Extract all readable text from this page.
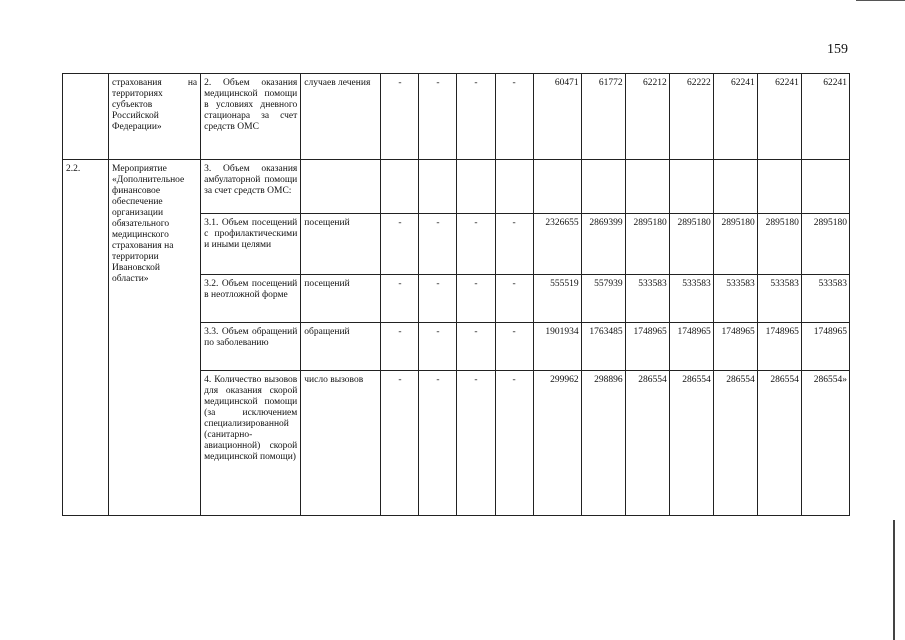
159
	страхования на территориях субъектов Российской Федерации»	2. Объем оказания медицинской помощи в условиях дневного стационара за счет средств ОМС	случаев лечения	-	-	-	-	60471	61772	62212	62222	62241	62241	62241
2.2.	Мероприятие «Дополнительное финансовое обеспечение организации обязательного медицинского страхования на территории Ивановской области»	3. Объем оказания амбулаторной помощи за счет средств ОМС:												
		3.1. Объем посещений с профилактическими и иными целями	посещений	-	-	-	-	2326655	2869399	2895180	2895180	2895180	2895180	2895180
		3.2. Объем посещений в неотложной форме	посещений	-	-	-	-	555519	557939	533583	533583	533583	533583	533583
		3.3. Объем обращений по заболеванию	обращений	-	-	-	-	1901934	1763485	1748965	1748965	1748965	1748965	1748965
		4. Количество вызовов для оказания скорой медицинской помощи (за исключением специализированной (санитарно-авиационной) скорой медицинской помощи)	число вызовов	-	-	-	-	299962	298896	286554	286554	286554	286554	286554»
